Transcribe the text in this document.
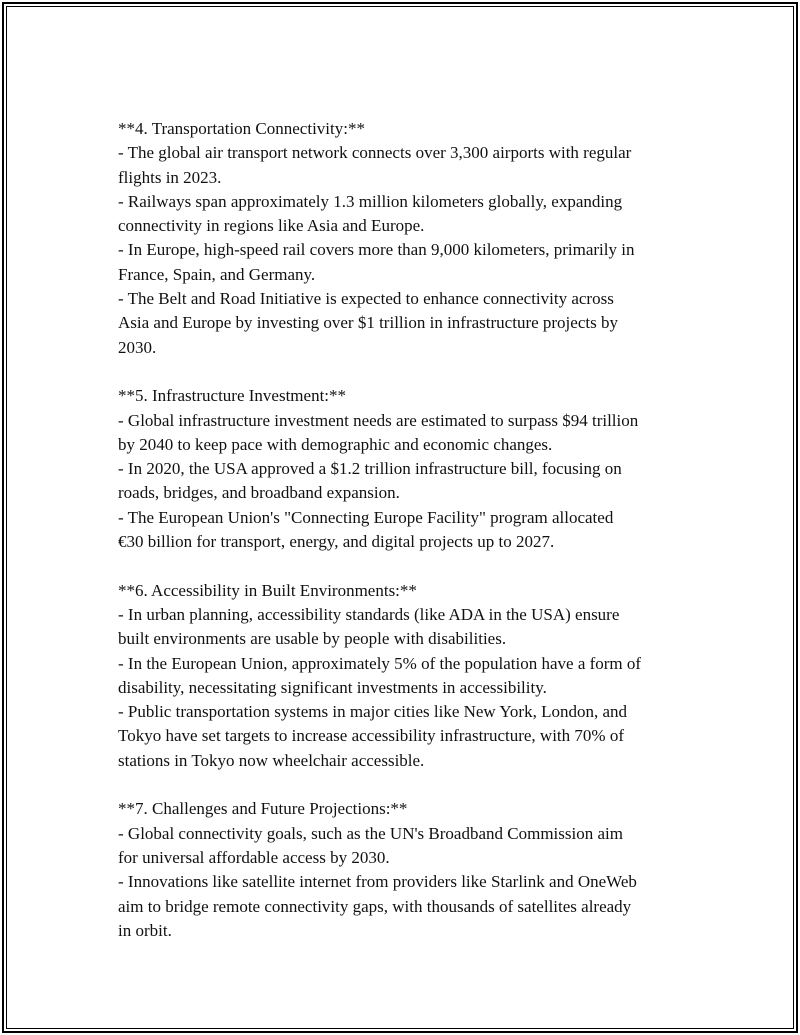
**4. Transportation Connectivity:**
- The global air transport network connects over 3,300 airports with regular
flights in 2023.
- Railways span approximately 1.3 million kilometers globally, expanding
connectivity in regions like Asia and Europe.
- In Europe, high-speed rail covers more than 9,000 kilometers, primarily in
France, Spain, and Germany.
- The Belt and Road Initiative is expected to enhance connectivity across
Asia and Europe by investing over $1 trillion in infrastructure projects by
2030.
**5. Infrastructure Investment:**
- Global infrastructure investment needs are estimated to surpass $94 trillion
by 2040 to keep pace with demographic and economic changes.
- In 2020, the USA approved a $1.2 trillion infrastructure bill, focusing on
roads, bridges, and broadband expansion.
- The European Union's "Connecting Europe Facility" program allocated
€30 billion for transport, energy, and digital projects up to 2027.
**6. Accessibility in Built Environments:**
- In urban planning, accessibility standards (like ADA in the USA) ensure
built environments are usable by people with disabilities.
- In the European Union, approximately 5% of the population have a form of
disability, necessitating significant investments in accessibility.
- Public transportation systems in major cities like New York, London, and
Tokyo have set targets to increase accessibility infrastructure, with 70% of
stations in Tokyo now wheelchair accessible.
**7. Challenges and Future Projections:**
- Global connectivity goals, such as the UN's Broadband Commission aim
for universal affordable access by 2030.
- Innovations like satellite internet from providers like Starlink and OneWeb
aim to bridge remote connectivity gaps, with thousands of satellites already
in orbit.
